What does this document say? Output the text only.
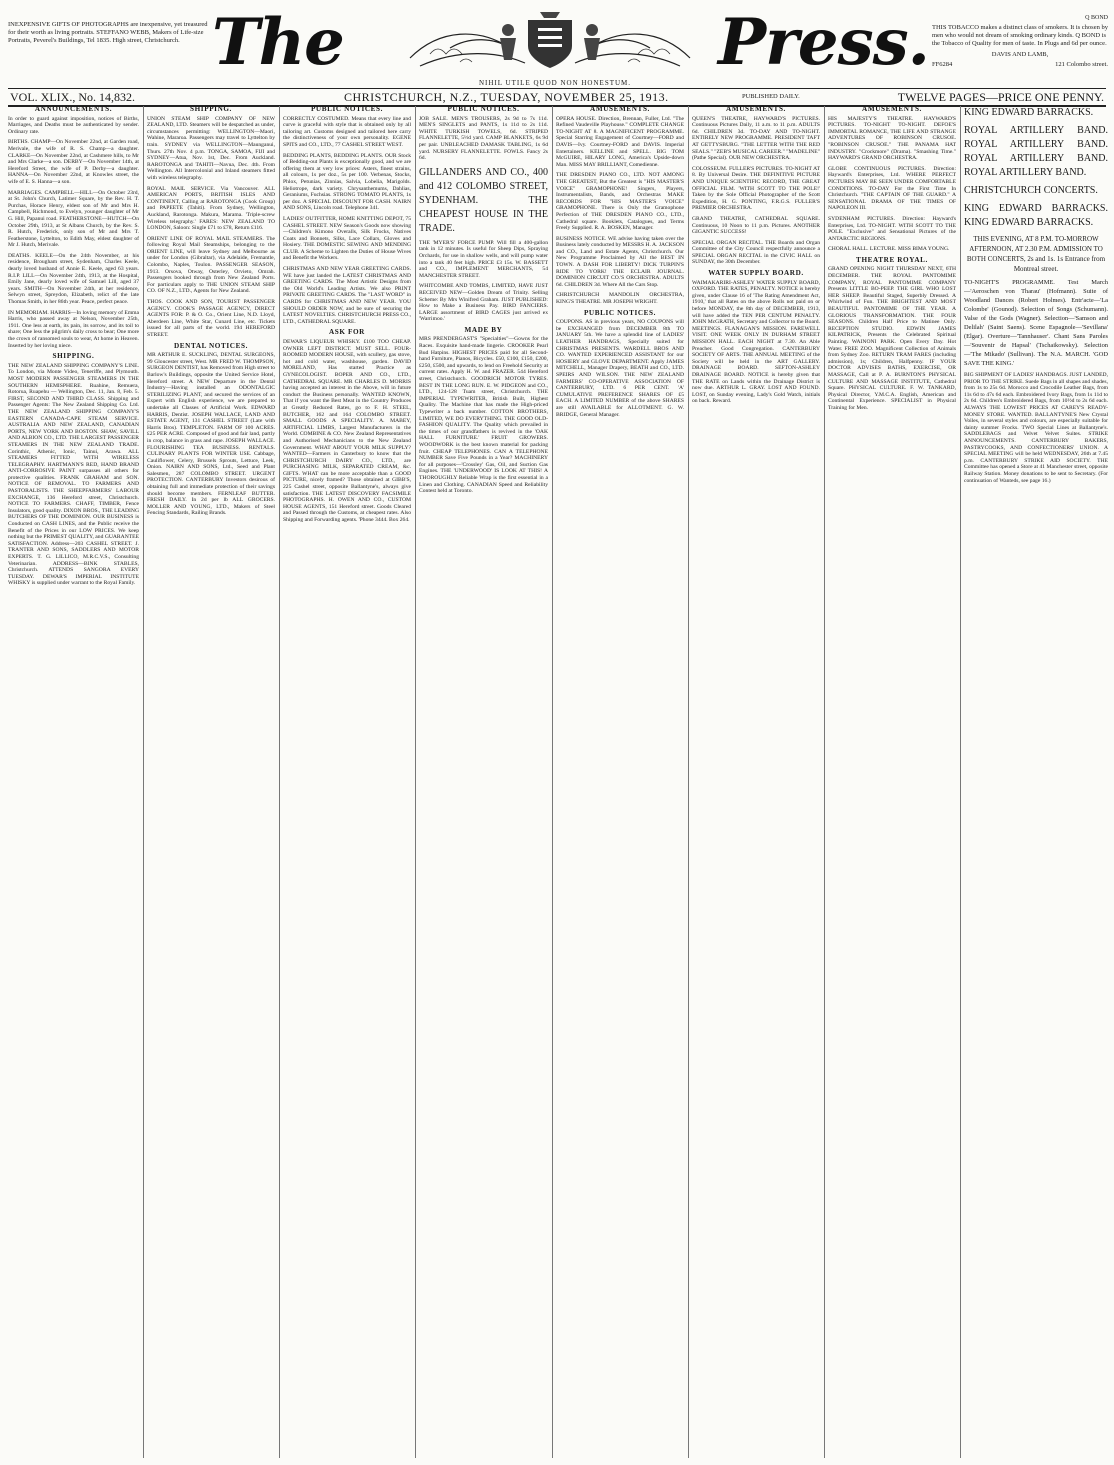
INEXPENSIVE GIFTS OF PHOTOGRAPHS are inexpensive, yet treasured for their worth as living portraits. STEFFANO WEBB, Makers of Life-size Portraits, Peverel's Buildings, Tel 1835. High street, Christchurch. The	Press.
NIHIL UTILE QUOD NON HONESTUM.
Q BOND

THIS TOBACCO makes a distinct class of smokers. It is chosen by men who would not dream of smoking ordinary kinds. Q BOND is the Tobacco of Quality for men of taste. In Plugs and 6d per ounce.

DAVIS AND LAMB,
FF6284	121 Colombo street.
VOL. XLIX., No. 14,832.	CHRISTCHURCH, N.Z., TUESDAY, NOVEMBER 25, 1913.	PUBLISHED DAILY.	TWELVE PAGES—PRICE ONE PENNY.
ANNOUNCEMENTS.

In order to guard against imposition, notices of Births, Marriages, and Deaths must be authenticated by sender. Ordinary rate.

BIRTHS. CHAMP—On November 22nd, at Garden road, Merivale, the wife of R. S. Champ—a daughter. CLARKE—On November 22nd, at Cashmere hills, to Mr and Mrs Clarke—a son. DERBY—On November 14th, at Hereford Street, the wife of P. Derby—a daughter. HANNA—On November 22nd, at Knowles street, the wife of E. S. Hanna—a son.

MARRIAGES. CAMPBELL—HILL—On October 23rd, at St. John's Church, Latimer Square, by the Rev. H. T. Purchas, Horace Henry, eldest son of Mr and Mrs H. Campbell, Richmond, to Evelyn, younger daughter of Mr G. Hill, Papanui road. FEATHERSTONE—HUTCH—On October 29th, 1913, at St Albans Church, by the Rev. S. R. Hutch, Frederick, only son of Mr and Mrs T. Featherstone, Lyttelton, to Edith May, eldest daughter of Mr J. Hutch, Merivale.

DEATHS. KEELE—On the 24th November, at his residence, Brougham street, Sydenham, Charles Keele, dearly loved husband of Annie E. Keele, aged 63 years. R.I.P. LILL—On November 24th, 1913, at the Hospital, Emily Jane, dearly loved wife of Samuel Lill, aged 37 years. SMITH—On November 24th, at her residence, Selwyn street, Spreydon, Elizabeth, relict of the late Thomas Smith, in her 86th year. Peace, perfect peace.

IN MEMORIAM. HARRIS—In loving memory of Emma Harris, who passed away at Nelson, November 25th, 1911. One less at earth, its pain, its sorrow, and its toil to share; One less the pilgrim's daily cross to bear; One more the crown of ransomed souls to wear, At home in Heaven. Inserted by her loving niece.

SHIPPING.

THE NEW ZEALAND SHIPPING COMPANY'S LINE. To London, via Monte Video, Teneriffe, and Plymouth. MOST MODERN PASSENGER STEAMERS IN THE SOUTHERN HEMISPHERE. Ruahine, Remuera, Rotorua, Ruapehu — Wellington, Dec. 11, Jan. 8, Feb. 5. FIRST, SECOND AND THIRD CLASS. Shipping and Passenger Agents: The New Zealand Shipping Co. Ltd. THE NEW ZEALAND SHIPPING COMPANY'S EASTERN CANADA-CAPE STEAM SERVICE. AUSTRALIA AND NEW ZEALAND, CANADIAN PORTS, NEW YORK AND BOSTON. SHAW, SAVILL AND ALBION CO., LTD. THE LARGEST PASSENGER STEAMERS IN THE NEW ZEALAND TRADE. Corinthic, Athenic, Ionic, Tainui, Arawa. ALL STEAMERS FITTED WITH WIRELESS TELEGRAPHY. HARTMANN'S RED, HAND BRAND ANTI-CORROSIVE PAINT surpasses all others for protective qualities. FRANK GRAHAM and SON. NOTICE OF REMOVAL. TO FARMERS AND PASTORALISTS. THE SHEEPFARMERS' LABOUR EXCHANGE, 136 Hereford street, Christchurch. NOTICE TO FARMERS. CHAFF, TIMBER, Fence Insulators, good quality. DIXON BROS., THE LEADING BUTCHERS OF THE DOMINION. OUR BUSINESS is Conducted on CASH LINES, and the Public receive the Benefit of the Prices in our LOW PRICES. We keep nothing but the PRIMEST QUALITY, and GUARANTEE SATISFACTION. Address—203 CASHEL STREET. J. TRANTER AND SONS, SADDLERS AND MOTOR EXPERTS. T. G. LILLICO, M.R.C.V.S., Consulting Veterinarian. ADDRESS—BINK STABLES, Christchurch. ATTENDS SANGORA EVERY TUESDAY. DEWAR'S IMPERIAL INSTITUTE WHISKY is supplied under warrant to the Royal Family.

SHIPPING.

UNION STEAM SHIP COMPANY OF NEW ZEALAND, LTD. Steamers will be despatched as under, circumstances permitting: WELLINGTON—Maori, Wahine, Mararoa. Passengers may travel to Lyttelton by train. SYDNEY via WELLINGTON—Maunganui, Thurs. 27th Nov. 4 p.m. TONGA, SAMOA, FIJI and SYDNEY—Atua, Nov. 1st, Dec. From Auckland. RAROTONGA and TAHITI—Navua, Dec. 4th. From Wellington. All Intercolonial and Inland steamers fitted with wireless telegraphy.

ROYAL MAIL SERVICE. Via Vancouver. ALL AMERICAN PORTS, BRITISH ISLES AND CONTINENT, Calling at RAROTONGA (Cook Group) and PAPEETE (Tahiti). From Sydney, Wellington, Auckland, Rarotonga. Makura, Marama. 'Triple-screw Wireless telegraphy.' FARES: NEW ZEALAND TO LONDON, Saloon: Single £71 to £78, Return £116.

ORIENT LINE OF ROYAL MAIL STEAMERS. The following Royal Mail Steamships, belonging to the ORIENT LINE, will leave Sydney and Melbourne as under for London (Gibraltar), via Adelaide, Fremantle, Colombo, Naples, Toulon. PASSENGER SEASON, 1913. Orsova, Otway, Osterley, Orvieto, Omrah. Passengers booked through from New Zealand Ports. For particulars apply to THE UNION STEAM SHIP CO. OF N.Z., LTD., Agents for New Zealand.

THOS. COOK AND SON, TOURIST PASSENGER AGENCY. COOK'S PASSAGE AGENCY, DIRECT AGENTS FOR: P. & O. Co., Orient Line, N.D. Lloyd, Aberdeen Line, White Star, Cunard Line, etc. Tickets issued for all parts of the world. 194 HEREFORD STREET.

DENTAL NOTICES.

MR ARTHUR E. SUCKLING, DENTAL SURGEONS, 99 Gloucester street, West. MR FRED W. THOMPSON, SURGEON DENTIST, has Removed from High street to Barlow's Buildings, opposite the United Service Hotel, Hereford street. A NEW Departure in the Dental Industry—Having installed an ODONTALGIC STERILIZING PLANT, and secured the services of an Expert with English experience, we are prepared to undertake all Classes of Artificial Work. EDWARD HARRIS, Dentist. JOSEPH WALLACE, LAND AND ESTATE AGENT, 131 CASHEL STREET (Late with Harris Bros). TEMPLETON. FARM OF 100 ACRES. £25 PER ACRE. Composed of good and fair land, partly in crop, balance in grass and rape. JOSEPH WALLACE. FLOURISHING TEA BUSINESS. RENTALS. CULINARY PLANTS FOR WINTER USE. Cabbage, Cauliflower, Celery, Brussels Sprouts, Lettuce, Leek, Onion. NAIRN AND SONS, Ltd., Seed and Plant Salesmen, 287 COLOMBO STREET. URGENT PROTECTION. CANTERBURY Investors desirous of obtaining full and immediate protection of their savings should become members. FERNLEAF BUTTER. FRESH DAILY. In 2d per lb ALL GROCERS. MOLLER AND YOUNG, LTD., Makers of Steel Fencing Standards, Railing Brands.

PUBLIC NOTICES.

CORRECTLY COSTUMED. Means that every line and curve is graceful with style that is obtained only by all tailoring art. Customs designed and tailored here carry the distinctiveness of your own personality. EGENE SPITS and CO., LTD., 77 CASHEL STREET WEST.

BEDDING PLANTS, BEDDING PLANTS. OUR Stock of Bedding-out Plants is exceptionally good, and we are offering them at very low prices: Asters, finest strains, all colours, 1s per doz., 5s per 100. Verbenas, Stocks, Phlox, Petunias, Zinnias, Salvia, Lobelia, Marigolds. Heliotrope, dark variety. Chrysanthemums, Dahlias, Geraniums, Fuchsias. STRONG TOMATO PLANTS, 1s per doz. A SPECIAL DISCOUNT FOR CASH. NAIRN AND SONS, Lincoln road. Telephone 341.

LADIES' OUTFITTER, HOME KNITTING DEPOT, 75 CASHEL STREET. NEW Season's Goods now showing—Children's Kimono Overalls, Silk Frocks, Natives Coats and Bonnets, Silks, Lace Collars, Gloves and Hosiery. THE DOMESTIC SEWING AND MENDING CLUB. A Scheme to Lighten the Duties of House Wives and Benefit the Workers.

CHRISTMAS AND NEW YEAR GREETING CARDS. WE have just landed the LATEST CHRISTMAS AND GREETING CARDS. The Most Artistic Designs from the Old World's Leading Artists. We also PRINT PRIVATE GREETING CARDS. The "LAST WORD" in CARDS for CHRISTMAS AND NEW YEAR. YOU SHOULD ORDER NOW, and be sure of securing the LATEST NOVELTIES. CHRISTCHURCH PRESS CO., LTD., CATHEDRAL SQUARE.

ASK FOR

DEWAR'S LIQUEUR WHISKY. £100 TOO CHEAP. OWNER LEFT DISTRICT. MUST SELL. FOUR-ROOMED MODERN HOUSE, with scullery, gas stove, hot and cold water, washhouse, garden. DAVID MORELAND, Has started Practice as GYNECOLOGIST. BOPER AND CO., LTD., CATHEDRAL SQUARE. MR CHARLES D. MORRIS having accepted an interest in the Above, will in future conduct the Business personally. WANTED KNOWN, That if you want the Best Meat in the Country Produces at Greatly Reduced Rates, go to F. H. STEEL, BUTCHER, 162 and 164 COLOMBO STREET. SMALL GOODS A SPECIALITY. A. MABEY, ARTIFICIAL LIMBS, Largest Manufacturers in the World. COMBINE & CO. New Zealand Representatives and Authorised Mechanicians to the New Zealand Government. WHAT ABOUT YOUR MILK SUPPLY? WANTED—Farmers in Canterbury to know that the CHRISTCHURCH DAIRY CO., LTD., are PURCHASING MILK, SEPARATED CREAM, &c. GIFTS. WHAT can be more acceptable than a GOOD PICTURE, nicely framed? Those obtained at GIBB'S, 225 Cashel street, opposite Ballantyne's, always give satisfaction. THE LATEST DISCOVERY FACSIMILE PHOTOGRAPHS. H. OWEN AND CO., CUSTOM HOUSE AGENTS, 151 Hereford street. Goods Cleared and Passed through the Customs, at cheapest rates. Also Shipping and Forwarding agents. 'Phone 3444. Box 264.

PUBLIC NOTICES.

JOB SALE. MEN'S TROUSERS, 2s 9d to 7s 11d. MEN'S SINGLETS and PANTS, 1s 11d to 2s 11d. WHITE TURKISH TOWELS, 6d. STRIPED FLANNELETTE, 5½d yard. CAMP BLANKETS, 6s 9d per pair. UNBLEACHED DAMASK TABLING, 1s 6d yard. NURSERY FLANNELETTE. FOWLS. Fancy 2s 6d.

GILLANDERS AND CO., 400 and 412 COLOMBO STREET, SYDENHAM. THE CHEAPEST HOUSE IN THE TRADE.

THE 'MYER'S' FORCE PUMP. Will fill a 400-gallon tank in 12 minutes. Is useful for Sheep Dips, Spraying Orchards, for use in shallow wells, and will pump water into a tank 40 feet high. PRICE £3 15s. W. BASSETT and CO., IMPLEMENT MERCHANTS, 54 MANCHESTER STREET.

WHITCOMBE AND TOMBS, LIMITED, HAVE JUST RECEIVED NEW—Golden Dream of Trinity. Selling Scheme: By Mrs Winifred Graham. JUST PUBLISHED: How to Make a Business Pay. BIRD FANCIERS. LARGE assortment of BIRD CAGES just arrived ex 'Warrimoo.'

MADE BY

MRS PRENDERGAST'S "Specialties"—Gowns for the Races. Exquisite hand-made lingerie. CROOKER Pearl Bud Hatpins. HIGHEST PRICES paid for all Second-hand Furniture, Pianos, Bicycles. £50, £100, £150, £200, £250, £500, and upwards, to lend on Freehold Security at current rates. Apply H. W. and FRAZER. 544 Hereford street, Christchurch. GOODRICH MOTOR TYRES. BEST IN THE LONG RUN. E. W. PIDGEON and CO., LTD., 124-128 Tuam street, Christchurch. THE IMPERIAL TYPEWRITER, British Built, Highest Quality. The Machine that has made the High-priced Typewriter a back number. COTTON BROTHERS, LIMITED, WE DO EVERYTHING. THE GOOD OLD-FASHION QUALITY. The Quality which prevailed in the times of our grandfathers is revived in the 'OAK HALL FURNITURE.' FRUIT GROWERS. WOODWORK is the best known material for packing fruit. CHEAP TELEPHONES. CAN A TELEPHONE NUMBER Save Five Pounds in a Year? MACHINERY for all purposes—'Crossley' Gas, Oil, and Suction Gas Engines. THE 'UNDERWOOD' IS LOOK AT THIS! A THOROUGHLY Reliable Wrap is the first essential in a Linen and Clothing. CANADIAN Speed and Reliability Contest held at Toronto.

AMUSEMENTS.

OPERA HOUSE. Direction, Brennan, Fuller, Ltd. "The Refined Vaudeville Playhouse." COMPLETE CHANGE TO-NIGHT AT 8. A MAGNIFICENT PROGRAMME. Special Starring Engagement of Courtney—FORD and DAVIS—Ivy. Courtney-FORD and DAVIS. Imperial Entertainers. KELLINE and SPELL. BIG TOM McGUIRE, HILARY LONG, America's Upside-down Man. MISS MAY BRILLIANT, Comedienne.

THE DRESDEN PIANO CO., LTD. NOT AMONG THE GREATEST, But the Greatest is "HIS MASTER'S VOICE" GRAMOPHONE! Singers, Players, Instrumentalists, Bands, and Orchestras MAKE RECORDS FOR "HIS MASTER'S VOICE" GRAMOPHONE. There is Only the Gramophone Perfection of THE DRESDEN PIANO CO., LTD., Cathedral square. Booklets, Catalogues, and Terms Freely Supplied. R. A. BOSKEN, Manager.

BUSINESS NOTICE. WE advise having taken over the Business lately conducted by MESSRS H. A. JACKSON and CO., Land and Estate Agents, Christchurch. Our New Programme Proclaimed by All the BEST IN TOWN. A DASH FOR LIBERTY! DICK TURPIN'S RIDE TO YORK! THE ECLAIR JOURNAL. DOMINION CIRCUIT CO.'S ORCHESTRA. ADULTS 6d. CHILDREN 3d. Where All the Cars Stop.

CHRISTCHURCH MANDOLIN ORCHESTRA, KING'S THEATRE. MR JOSEPH WRIGHT.

PUBLIC NOTICES.

COUPONS. AS in previous years, NO COUPONS will be EXCHANGED from DECEMBER 8th TO JANUARY 5th. We have a splendid line of LADIES' LEATHER HANDBAGS, Specially suited for CHRISTMAS PRESENTS. WARDELL BROS AND CO. WANTED EXPERIENCED ASSISTANT for our HOSIERY and GLOVE DEPARTMENT. Apply JAMES MITCHELL, Manager Drapery, BEATH and CO., LTD. SPEIRS AND WILSON. THE NEW ZEALAND FARMERS' CO-OPERATIVE ASSOCIATION OF CANTERBURY, LTD. 6 PER CENT. 'A' CUMULATIVE PREFERENCE SHARES OF £5 EACH. A LIMITED NUMBER of the above SHARES are still AVAILABLE for ALLOTMENT. G. W. BRIDGE, General Manager.

AMUSEMENTS.

QUEEN'S THEATRE, HAYWARD'S PICTURES. Continuous Pictures Daily, 11 a.m. to 11 p.m. ADULTS 6d. CHILDREN 3d. TO-DAY AND TO-NIGHT. ENTIRELY NEW PROGRAMME. PRESIDENT TAFT AT GETTYSBURG. "THE LETTER WITH THE RED SEALS." "ZEB'S MUSICAL CAREER." "MADELINE" (Pathe Special). OUR NEW ORCHESTRA.

COLOSSEUM. FULLER'S PICTURES. TO-NIGHT AT 8. By Universal Desire. THE DEFINITIVE PICTURE AND UNIQUE SCIENTIFIC RECORD, THE GREAT OFFICIAL FILM. 'WITH SCOTT TO THE POLE!' Taken by the Sole Official Photographer of the Scott Expedition, H. G. PONTING, F.R.G.S. FULLER'S PREMIER ORCHESTRA.

GRAND THEATRE, CATHEDRAL SQUARE. Continuous, 10 Noon to 11 p.m. Pictures. ANOTHER GIGANTIC SUCCESS!

SPECIAL ORGAN RECITAL. THE Boards and Organ Committee of the City Council respectfully announce a SPECIAL ORGAN RECITAL in the CIVIC HALL on SUNDAY, the 30th December.

WATER SUPPLY BOARD.

WAIMAKARIRI-ASHLEY WATER SUPPLY BOARD, OXFORD. THE RATES, PENALTY. NOTICE is hereby given, under Clause 16 of 'The Rating Amendment Act, 1910,' that all Rates on the above Rolls not paid on or before MONDAY, the 8th day of DECEMBER, 1913, will have added the TEN PER CENTUM PENALTY. JOHN McGRATH, Secretary and Collector to the Board. MEETINGS. FLANAGAN'S MISSION. FAREWELL VISIT. ONE WEEK ONLY IN DURHAM STREET MISSION HALL. EACH NIGHT at 7.30. An Able Preacher. Good Congregation. CANTERBURY SOCIETY OF ARTS. THE ANNUAL MEETING of the Society will be held in the ART GALLERY. DRAINAGE BOARD. SEFTON-ASHLEY DRAINAGE BOARD. NOTICE is hereby given that THE RATE on Lands within the Drainage District is now due. ARTHUR L. GRAY. LOST AND FOUND. LOST, on Sunday evening, Lady's Gold Watch, initials on back. Reward.

AMUSEMENTS.

HIS MAJESTY'S THEATRE. HAYWARD'S PICTURES. TO-NIGHT TO-NIGHT. DEFOE'S IMMORTAL ROMANCE, THE LIFE AND STRANGE ADVENTURES OF ROBINSON CRUSOE. "ROBINSON CRUSOE." THE PANAMA HAT INDUSTRY. "Crockmore" (Drama). "Smashing Time." HAYWARD'S GRAND ORCHESTRA.

GLOBE CONTINUOUS PICTURES. Direction: Hayward's Enterprises, Ltd. WHERE PERFECT PICTURES MAY BE SEEN UNDER COMFORTABLE CONDITIONS. TO-DAY For the First Time In Christchurch. "THE CAPTAIN OF THE GUARD." A SENSATIONAL DRAMA OF THE TIMES OF NAPOLEON III.

SYDENHAM PICTURES. Direction: Hayward's Enterprises, Ltd. TO-NIGHT. WITH SCOTT TO THE POLE. "Exclusive" and Sensational Pictures of the ANTARCTIC REGIONS.

CHORAL HALL. LECTURE. MISS BIMA YOUNG.

THEATRE ROYAL.

GRAND OPENING NIGHT THURSDAY NEXT, 6TH DECEMBER. THE ROYAL PANTOMIME COMPANY, ROYAL PANTOMIME COMPANY Presents LITTLE BO-PEEP. THE GIRL WHO LOST HER SHEEP. Beautiful Staged, Superbly Dressed. A Whirlwind of Fun. THE BRIGHTEST AND MOST BEAUTIFUL PANTOMIME OF THE YEAR. A GLORIOUS TRANSFORMATION. THE FOUR SEASONS. Children Half Price to Matinee Only. RECEPTION STUDIO. EDWIN JAMES KILPATRICK, Presents the Celebrated Spiritual Painting. WAINONI PARK. Open Every Day. Hot Water. FREE ZOO. Magnificent Collection of Animals from Sydney Zoo. RETURN TRAM FARES (including admission), 1s; Children, Halfpenny. IF YOUR DOCTOR ADVISES BATHS, EXERCISE, OR MASSAGE, Call at P. A. BURNTON'S PHYSICAL CULTURE AND MASSAGE INSTITUTE, Cathedral Square. PHYSICAL CULTURE. F. W. TANKARD, Physical Director, Y.M.C.A. English, American and Continental Experience. SPECIALIST in Physical Training for Men.

KING EDWARD BARRACKS.

ROYAL ARTILLERY BAND. ROYAL ARTILLERY BAND. ROYAL ARTILLERY BAND. ROYAL ARTILLERY BAND.

CHRISTCHURCH CONCERTS.

KING EDWARD BARRACKS. KING EDWARD BARRACKS.

THIS EVENING, AT 8 P.M. TO-MORROW AFTERNOON, AT 2.30 P.M. ADMISSION TO BOTH CONCERTS, 2s and 1s. 1s Entrance from Montreal street.

TO-NIGHT'S PROGRAMME. Test March—'Aeroschen von Tharau' (Hofmann). Suite of Woodland Dances (Robert Holmes). Entr'acte—'La Colombe' (Gounod). Selection of Songs (Schumann). Valse of the Gods (Wagner). Selection—'Samson and Delilah' (Saint Saens). Scene Espagnole—'Sevillana' (Elgar). Overture—'Tannhauser'. Chant Sans Paroles—'Souvenir de Hapsal' (Tschaikowsky). Selection—'The Mikado' (Sullivan). The N.A. MARCH. 'GOD SAVE THE KING.'

BIG SHIPMENT OF LADIES' HANDBAGS. JUST LANDED, PRIOR TO THE STRIKE. Suede Bags in all shapes and shades, from 1s to 25s 6d. Morocco and Crocodile Leather Bags, from 11s 6d to 47s 6d each. Embroidered Ivory Bags, from 1s 11d to 2s 6d. Children's Embroidered Bags, from 10½d to 2s 6d each. ALWAYS THE LOWEST PRICES AT CAREY'S READY-MONEY STORE. WANTED. BALLANTYNE'S New Crystal Voiles, in several styles and colours, are especially suitable for dainty summer Frocks. TWO Special Lines at Ballantyne's. SADDLEBAGS and Velvet Velvet Suites. STRIKE ANNOUNCEMENTS. CANTERBURY BAKERS, PASTRYCOOKS, AND CONFECTIONERS' UNION. A SPECIAL MEETING will be held WEDNESDAY, 26th at 7.45 p.m. CANTERBURY STRIKE AID SOCIETY. THE Committee has opened a Store at 41 Manchester street, opposite Railway Station. Money donations to be sent to Secretary. (For continuation of Wanteds, see page 16.)
